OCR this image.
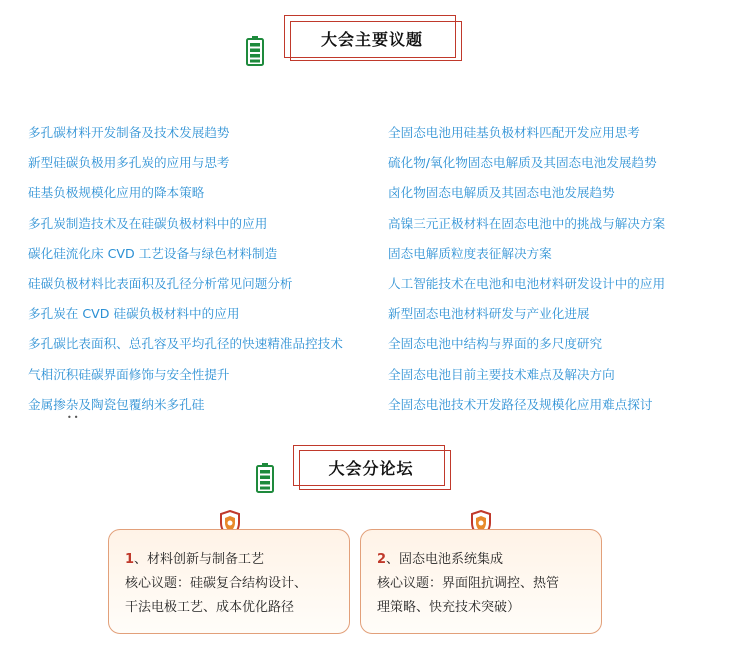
大会主要议题
多孔碳材料开发制备及技术发展趋势
新型硅碳负极用多孔炭的应用与思考
硅基负极规模化应用的降本策略
多孔炭制造技术及在硅碳负极材料中的应用
碳化硅流化床 CVD 工艺设备与绿色材料制造
硅碳负极材料比表面积及孔径分析常见问题分析
多孔炭在 CVD 硅碳负极材料中的应用
多孔碳比表面积、总孔容及平均孔径的快速精准品控技术
气相沉积硅碳界面修饰与安全性提升
金属掺杂及陶瓷包覆纳米多孔硅
全固态电池用硅基负极材料匹配开发应用思考
硫化物/氧化物固态电解质及其固态电池发展趋势
卤化物固态电解质及其固态电池发展趋势
高镍三元正极材料在固态电池中的挑战与解决方案
固态电解质粒度表征解决方案
人工智能技术在电池和电池材料研发设计中的应用
新型固态电池材料研发与产业化进展
全固态电池中结构与界面的多尺度研究
全固态电池目前主要技术难点及解决方向
全固态电池技术开发路径及规模化应用难点探讨
••
大会分论坛
1、材料创新与制备工艺
核心议题：硅碳复合结构设计、
干法电极工艺、成本优化路径
2、固态电池系统集成
核心议题：界面阻抗调控、热管
理策略、快充技术突破）
